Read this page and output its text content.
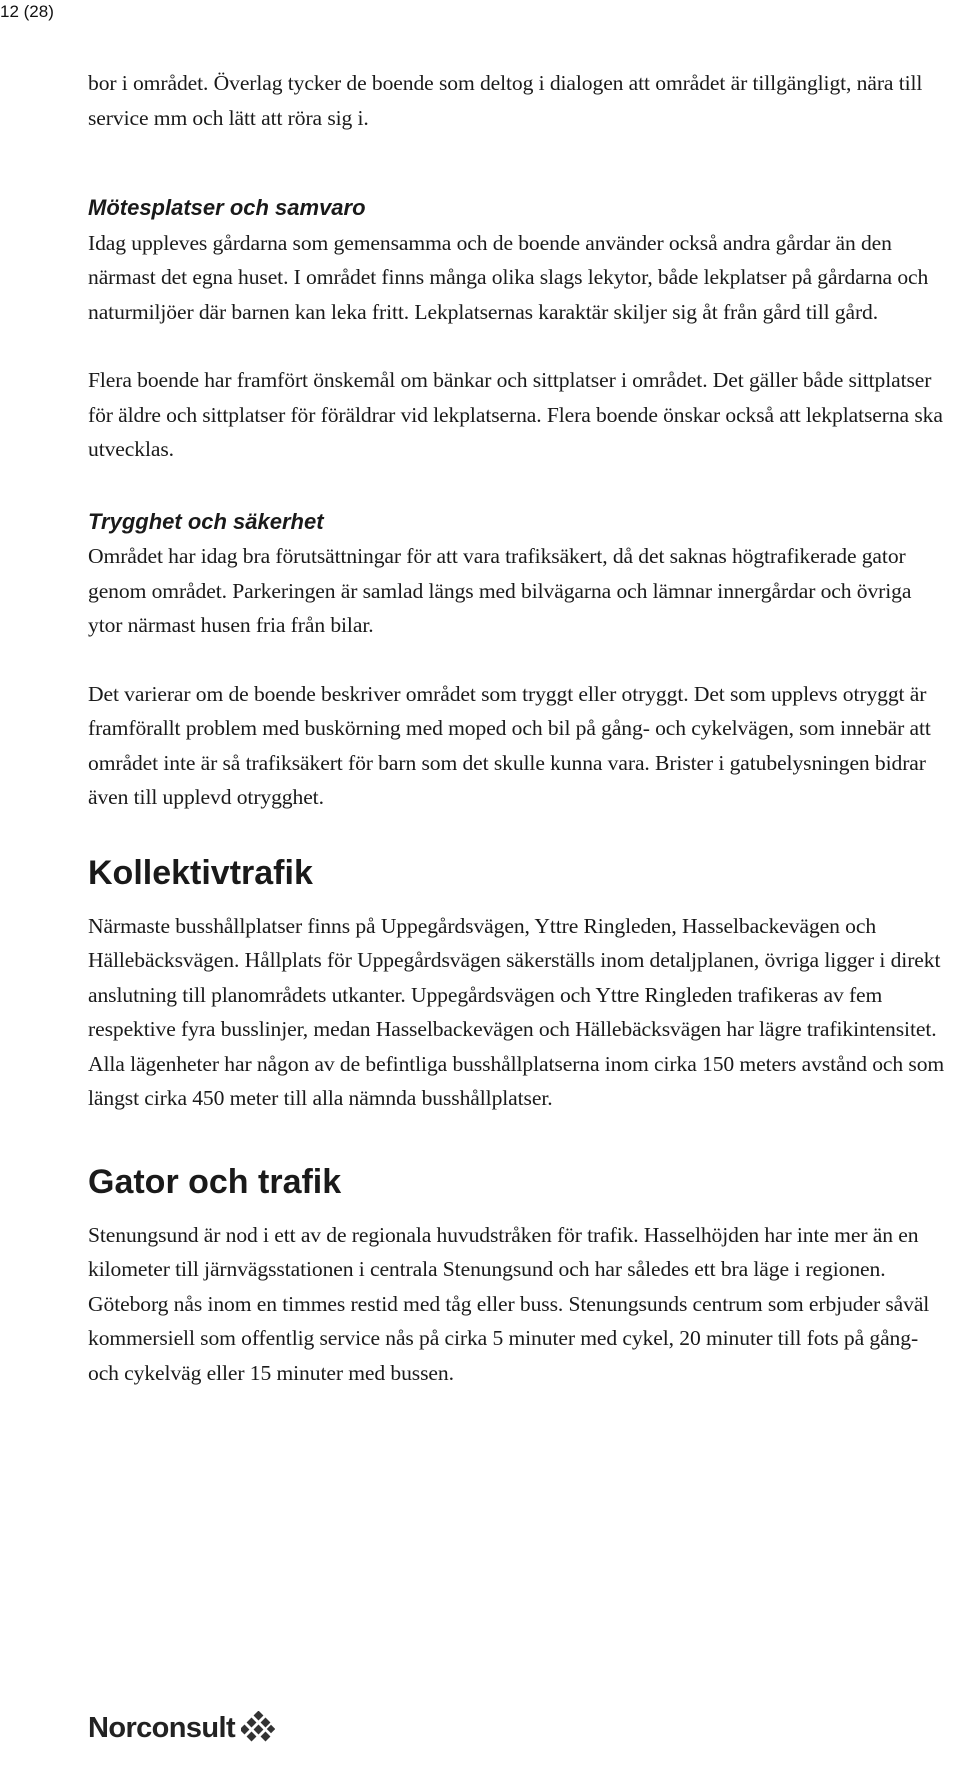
12 (28)

bor i området. Överlag tycker de boende som deltog i dialogen att området är tillgängligt, nära till service mm och lätt att röra sig i.

Mötesplatser och samvaro

Idag uppleves gårdarna som gemensamma och de boende använder också andra gårdar än den närmast det egna huset. I området finns många olika slags lekytor, både lekplatser på gårdarna och naturmiljöer där barnen kan leka fritt. Lekplatsernas karaktär skiljer sig åt från gård till gård.

Flera boende har framfört önskemål om bänkar och sittplatser i området. Det gäller både sittplatser för äldre och sittplatser för föräldrar vid lekplatserna. Flera boende önskar också att lekplatserna ska utvecklas.

Trygghet och säkerhet

Området har idag bra förutsättningar för att vara trafiksäkert, då det saknas högtrafikerade gator genom området. Parkeringen är samlad längs med bilvägarna och lämnar innergårdar och övriga ytor närmast husen fria från bilar.

Det varierar om de boende beskriver området som tryggt eller otryggt. Det som upplevs otryggt är framförallt problem med buskörning med moped och bil på gång- och cykelvägen, som innebär att området inte är så trafiksäkert för barn som det skulle kunna vara. Brister i gatubelysningen bidrar även till upplevd otrygghet.

Kollektivtrafik

Närmaste busshållplatser finns på Uppegårdsvägen, Yttre Ringleden, Hasselbackevägen och Hällebäcksvägen. Hållplats för Uppegårdsvägen säkerställs inom detaljplanen, övriga ligger i direkt anslutning till planområdets utkanter. Uppegårdsvägen och Yttre Ringleden trafikeras av fem respektive fyra busslinjer, medan Hasselbackevägen och Hällebäcksvägen har lägre trafikintensitet. Alla lägenheter har någon av de befintliga busshållplatserna inom cirka 150 meters avstånd och som längst cirka 450 meter till alla nämnda busshållplatser.

Gator och trafik

Stenungsund är nod i ett av de regionala huvudstråken för trafik. Hasselhöjden har inte mer än en kilometer till järnvägsstationen i centrala Stenungsund och har således ett bra läge i regionen. Göteborg nås inom en timmes restid med tåg eller buss. Stenungsunds centrum som erbjuder såväl kommersiell som offentlig service nås på cirka 5 minuter med cykel, 20 minuter till fots på gång- och cykelväg eller 15 minuter med bussen.

Norconsult
